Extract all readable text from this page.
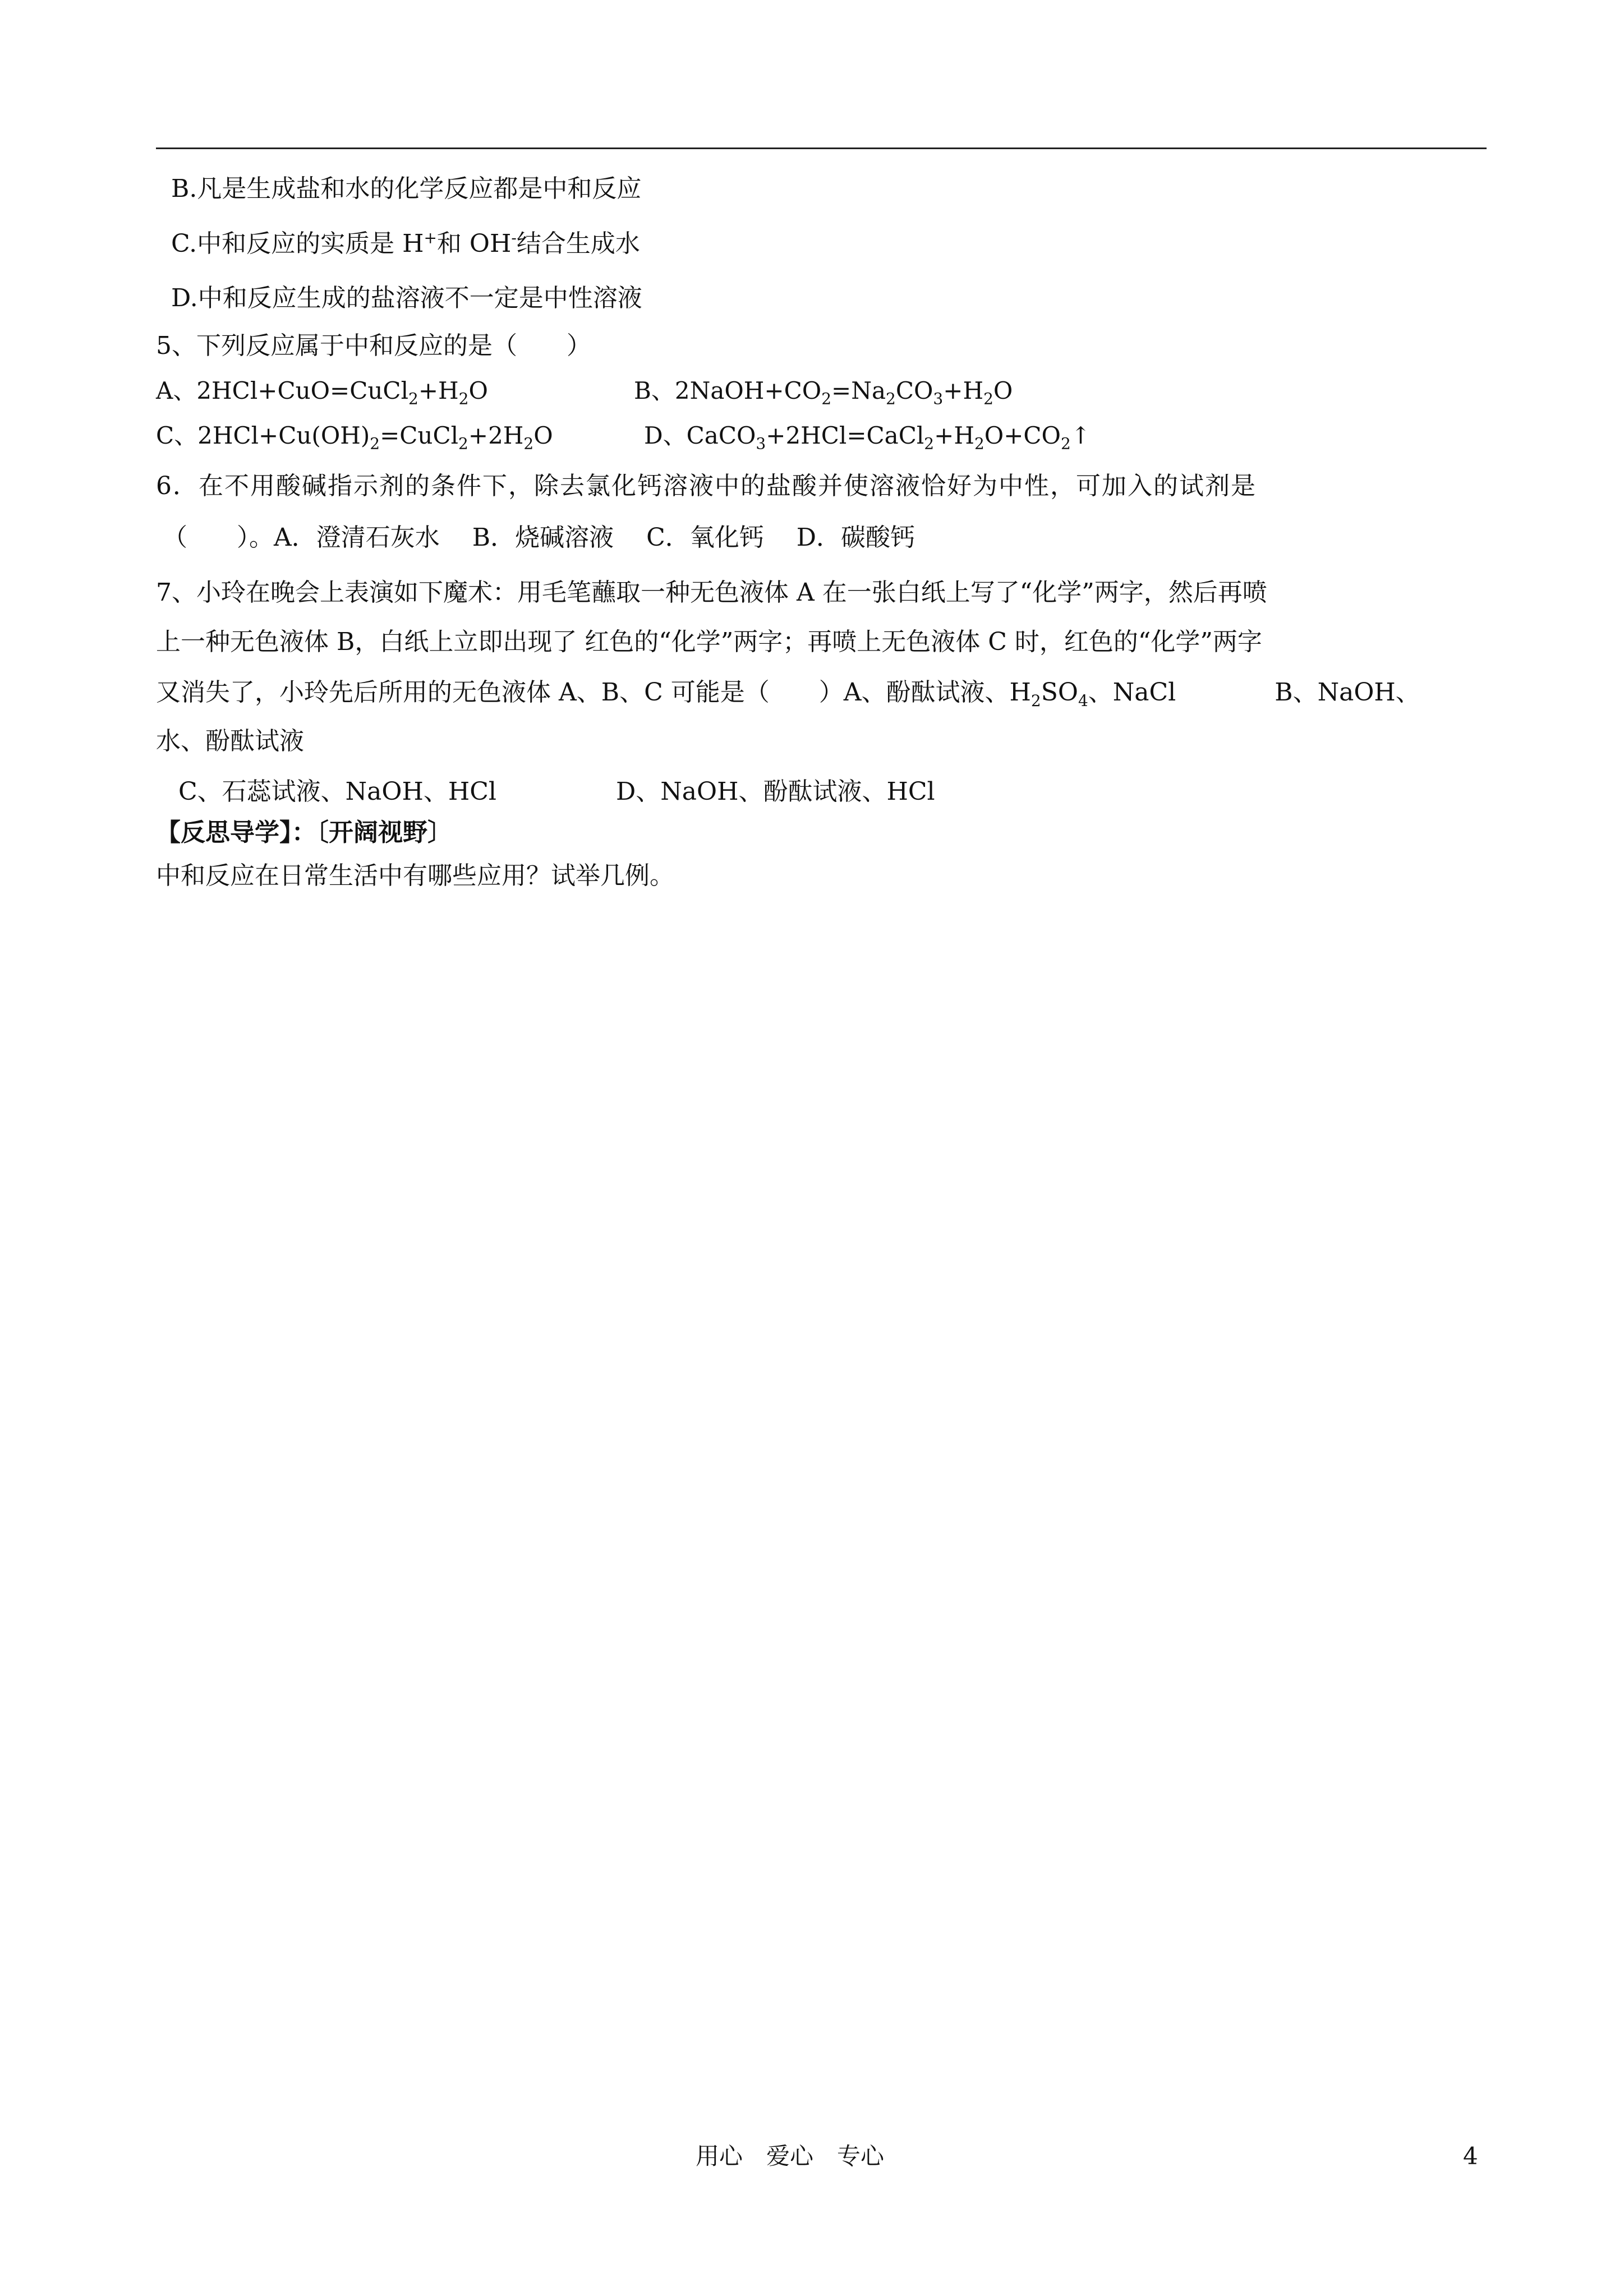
B.凡是生成盐和水的化学反应都是中和反应
C.中和反应的实质是 H+和 OH-结合生成水
D.中和反应生成的盐溶液不一定是中性溶液
5、下列反应属于中和反应的是（　　）
A、$2HCl+CuO=CuCl_2+H_2O$	B、$2NaOH+CO_2=Na_2CO_3+H_2O$
C、$2HCl+Cu(OH)_2=CuCl_2+2H_2O$	D、$CaCO_3+2HCl=CaCl_2+H_2O+CO_2↑$
6．在不用酸碱指示剂的条件下，除去氯化钙溶液中的盐酸并使溶液恰好为中性，可加入的试剂是
（　　）。A．澄清石灰水　 B．烧碱溶液　 C．氧化钙　 D．碳酸钙
7、小玲在晚会上表演如下魔术：用毛笔蘸取一种无色液体 A 在一张白纸上写了“化学”两字，然后再喷
上一种无色液体 B，白纸上立即出现了 红色的“化学”两字；再喷上无色液体 C 时，红色的“化学”两字
又消失了，小玲先后所用的无色液体 A、B、C 可能是（　　）A、酚酞试液、$H_2SO_4$、NaCl　　　　B、NaOH、
水、酚酞试液
C、石蕊试液、NaOH、HCl	D、NaOH、酚酞试液、HCl
【反思导学】：〔开阔视野〕
中和反应在日常生活中有哪些应用？试举几例。
用心　爱心　专心	4
